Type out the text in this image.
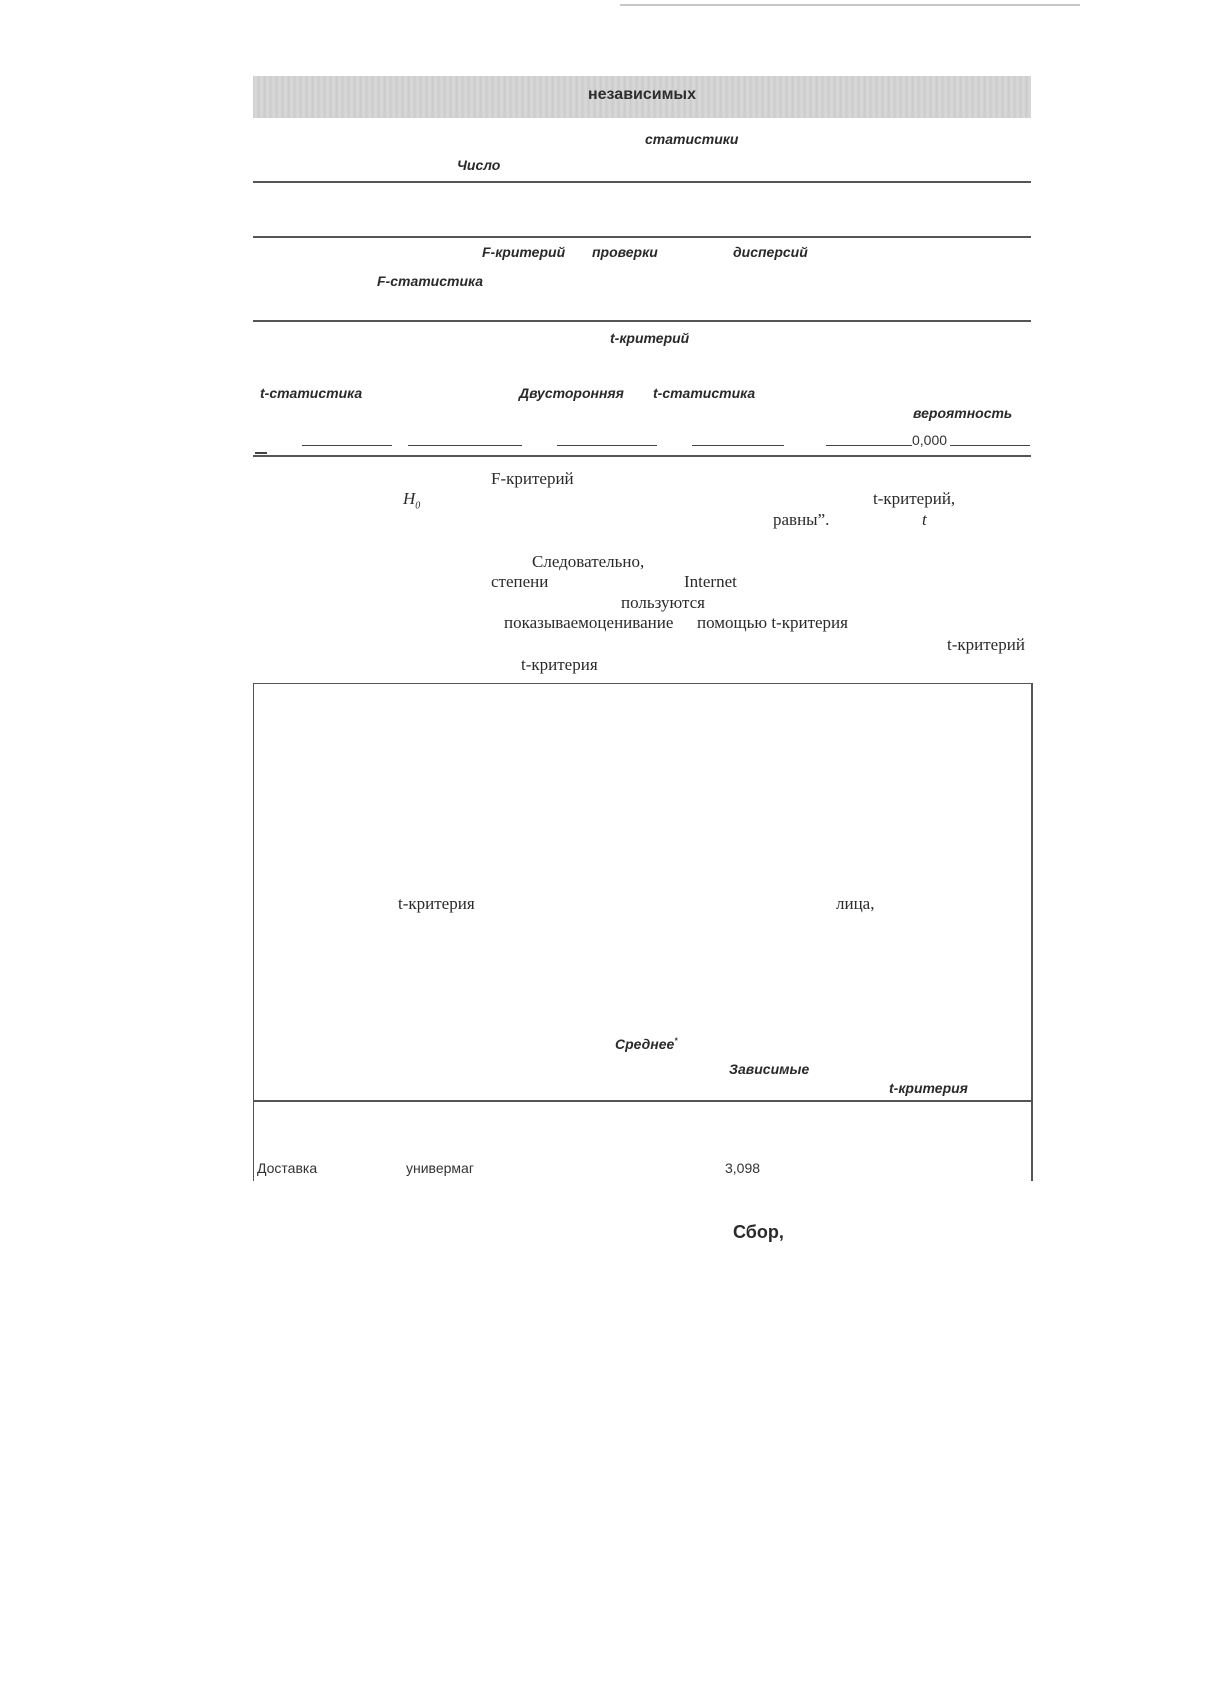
независимых
статистики
Число
F-критерий проверки	дисперсий
F-статистика
t-критерий
t-статистика	Двусторонняя t-статистика
вероятность
0,000
F-критерий
$H_0$	t-критерий,
равны”.	t
Следовательно,
степени	Internet
пользуются
показываемоценивание помощью t-критерия
t-критерий
t-критерия
t-критерия	лица,
Среднее*
Зависимые
t-критерия
Доставка	универмаг	3,098
Сбор,
